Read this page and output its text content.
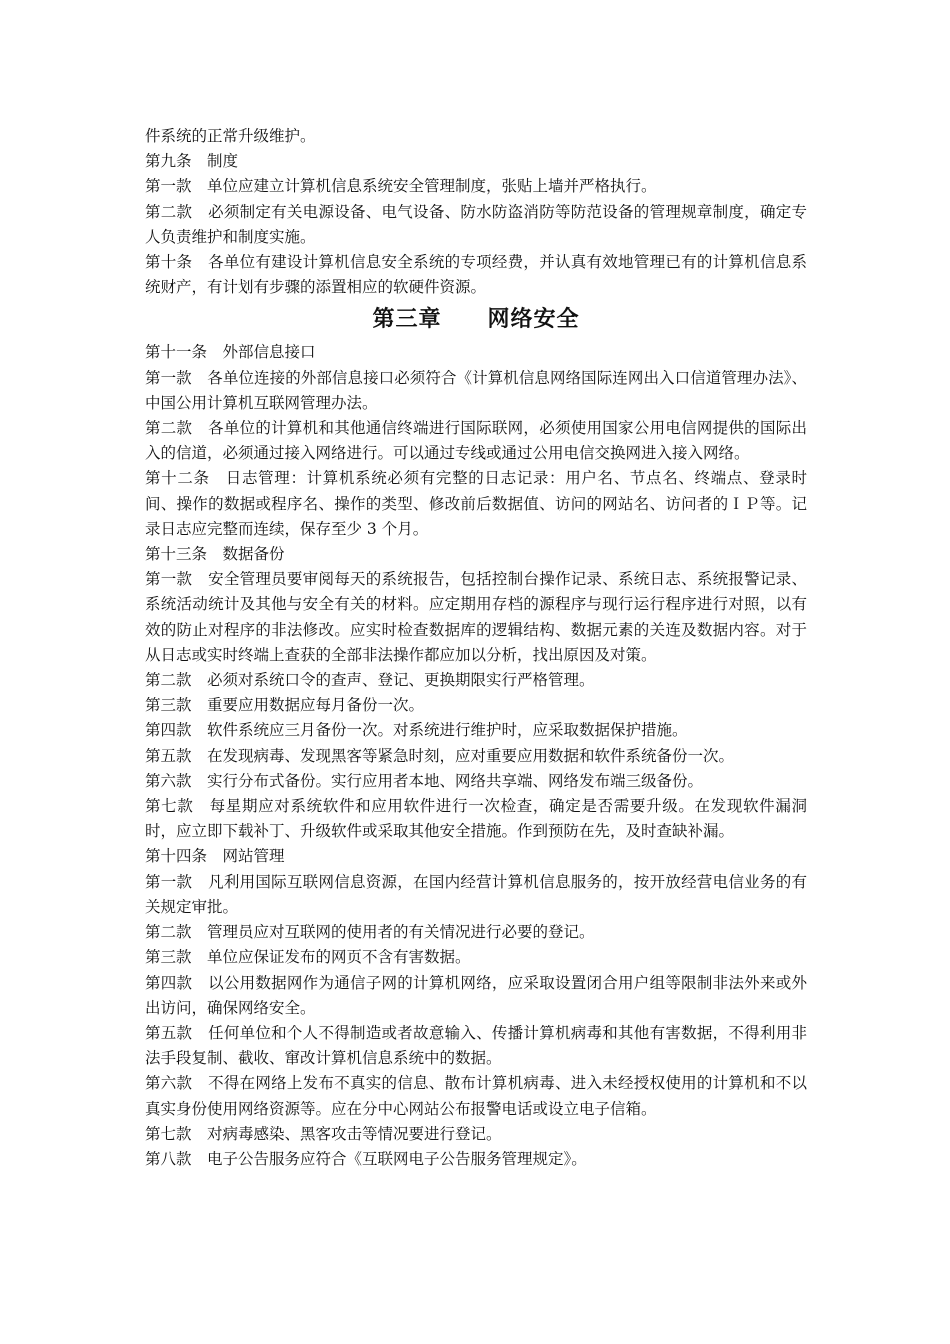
件系统的正常升级维护。

第九条　制度

第一款　单位应建立计算机信息系统安全管理制度，张贴上墙并严格执行。

第二款　必须制定有关电源设备、电气设备、防水防盗消防等防范设备的管理规章制度，确定专人负责维护和制度实施。

第十条　各单位有建设计算机信息安全系统的专项经费，并认真有效地管理已有的计算机信息系统财产，有计划有步骤的添置相应的软硬件资源。

第三章　　网络安全

第十一条　外部信息接口

第一款　各单位连接的外部信息接口必须符合《计算机信息网络国际连网出入口信道管理办法》、中国公用计算机互联网管理办法。

第二款　各单位的计算机和其他通信终端进行国际联网，必须使用国家公用电信网提供的国际出入的信道，必须通过接入网络进行。可以通过专线或通过公用电信交换网进入接入网络。

第十二条　日志管理：计算机系统必须有完整的日志记录：用户名、节点名、终端点、登录时间、操作的数据或程序名、操作的类型、修改前后数据值、访问的网站名、访问者的ＩＰ等。记录日志应完整而连续，保存至少 3 个月。

第十三条　数据备份

第一款　安全管理员要审阅每天的系统报告，包括控制台操作记录、系统日志、系统报警记录、系统活动统计及其他与安全有关的材料。应定期用存档的源程序与现行运行程序进行对照，以有效的防止对程序的非法修改。应实时检查数据库的逻辑结构、数据元素的关连及数据内容。对于从日志或实时终端上查获的全部非法操作都应加以分析，找出原因及对策。

第二款　必须对系统口令的查声、登记、更换期限实行严格管理。

第三款　重要应用数据应每月备份一次。

第四款　软件系统应三月备份一次。对系统进行维护时，应采取数据保护措施。

第五款　在发现病毒、发现黑客等紧急时刻，应对重要应用数据和软件系统备份一次。

第六款　实行分布式备份。实行应用者本地、网络共享端、网络发布端三级备份。

第七款　每星期应对系统软件和应用软件进行一次检查，确定是否需要升级。在发现软件漏洞时，应立即下载补丁、升级软件或采取其他安全措施。作到预防在先，及时查缺补漏。

第十四条　网站管理

第一款　凡利用国际互联网信息资源，在国内经营计算机信息服务的，按开放经营电信业务的有关规定审批。

第二款　管理员应对互联网的使用者的有关情况进行必要的登记。

第三款　单位应保证发布的网页不含有害数据。

第四款　以公用数据网作为通信子网的计算机网络，应采取设置闭合用户组等限制非法外来或外出访问，确保网络安全。

第五款　任何单位和个人不得制造或者故意输入、传播计算机病毒和其他有害数据，不得利用非法手段复制、截收、窜改计算机信息系统中的数据。

第六款　不得在网络上发布不真实的信息、散布计算机病毒、进入未经授权使用的计算机和不以真实身份使用网络资源等。应在分中心网站公布报警电话或设立电子信箱。

第七款　对病毒感染、黑客攻击等情况要进行登记。

第八款　电子公告服务应符合《互联网电子公告服务管理规定》。
